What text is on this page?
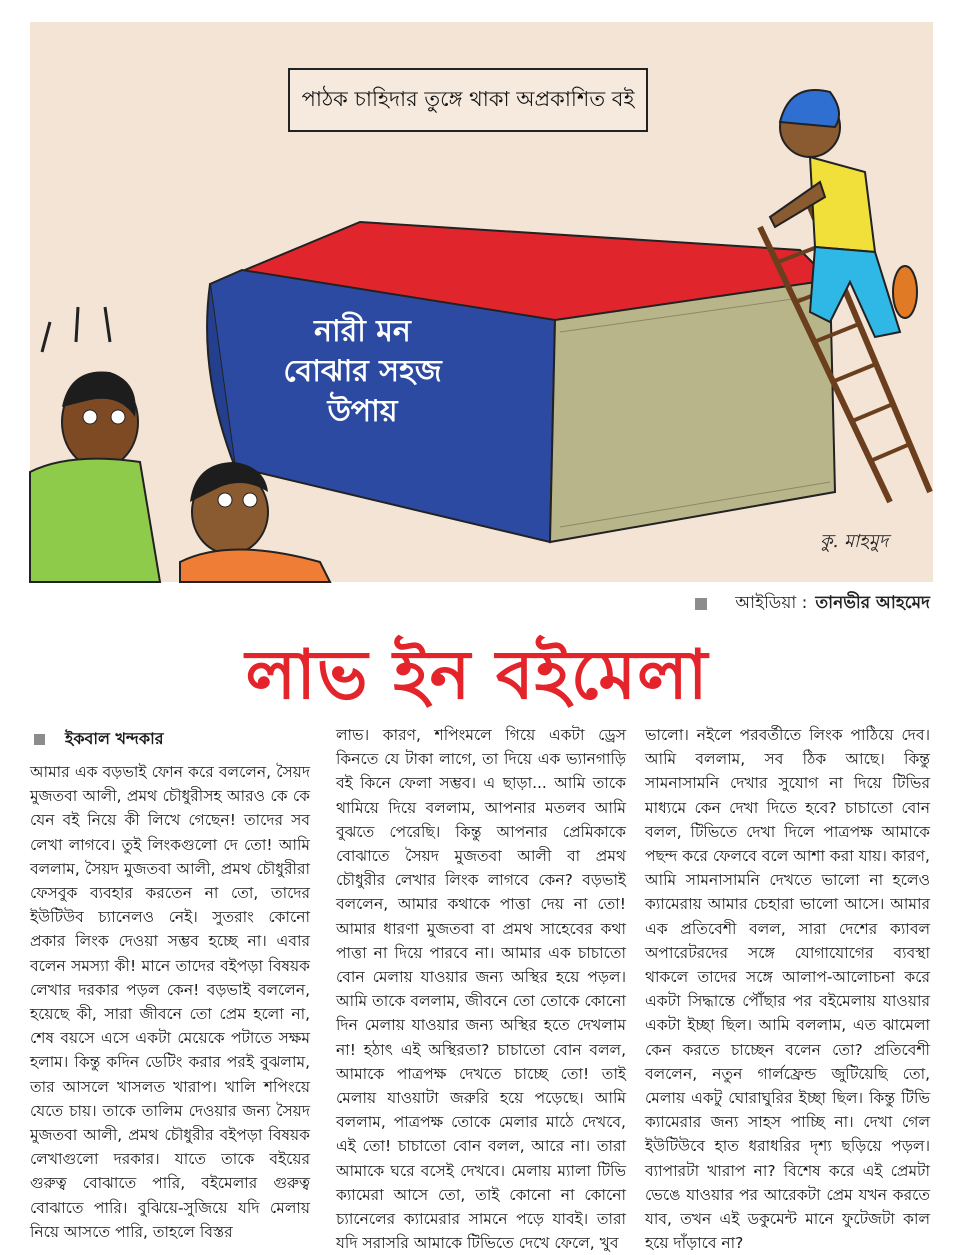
পাঠক চাহিদার তুঙ্গে থাকা অপ্রকাশিত বই
নারী মন
বোঝার সহজ
উপায়
কু. মাহমুদ
আইডিয়া : তানভীর আহমেদ
লাভ ইন বইমেলা
ইকবাল খন্দকার
আমার এক বড়ভাই ফোন করে বললেন, সৈয়দ মুজতবা আলী, প্রমথ চৌধুরীসহ আরও কে কে যেন বই নিয়ে কী লিখে গেছেন! তাদের সব লেখা লাগবে। তুই লিংকগুলো দে তো! আমি বললাম, সৈয়দ মুজতবা আলী, প্রমথ চৌধুরীরা ফেসবুক ব্যবহার করতেন না তো, তাদের ইউটিউব চ্যানেলও নেই। সুতরাং কোনো প্রকার লিংক দেওয়া সম্ভব হচ্ছে না। এবার বলেন সমস্যা কী! মানে তাদের বইপড়া বিষয়ক লেখার দরকার পড়ল কেন! বড়ভাই বললেন, হয়েছে কী, সারা জীবনে তো প্রেম হলো না, শেষ বয়সে এসে একটা মেয়েকে পটাতে সক্ষম হলাম। কিন্তু কদিন ডেটিং করার পরই বুঝলাম, তার আসলে খাসলত খারাপ। খালি শপিংয়ে যেতে চায়। তাকে তালিম দেওয়ার জন্য সৈয়দ মুজতবা আলী, প্রমথ চৌধুরীর বইপড়া বিষয়ক লেখাগুলো দরকার। যাতে তাকে বইয়ের গুরুত্ব বোঝাতে পারি, বইমেলার গুরুত্ব বোঝাতে পারি। বুঝিয়ে-সুজিয়ে যদি মেলায় নিয়ে আসতে পারি, তাহলে বিস্তর
লাভ। কারণ, শপিংমলে গিয়ে একটা ড্রেস কিনতে যে টাকা লাগে, তা দিয়ে এক ভ্যানগাড়ি বই কিনে ফেলা সম্ভব। এ ছাড়া... আমি তাকে থামিয়ে দিয়ে বললাম, আপনার মতলব আমি বুঝতে পেরেছি। কিন্তু আপনার প্রেমিকাকে বোঝাতে সৈয়দ মুজতবা আলী বা প্রমথ চৌধুরীর লেখার লিংক লাগবে কেন? বড়ভাই বললেন, আমার কথাকে পাত্তা দেয় না তো! আমার ধারণা মুজতবা বা প্রমথ সাহেবের কথা পাত্তা না দিয়ে পারবে না। আমার এক চাচাতো বোন মেলায় যাওয়ার জন্য অস্থির হয়ে পড়ল। আমি তাকে বললাম, জীবনে তো তোকে কোনো দিন মেলায় যাওয়ার জন্য অস্থির হতে দেখলাম না! হঠাৎ এই অস্থিরতা? চাচাতো বোন বলল, আমাকে পাত্রপক্ষ দেখতে চাচ্ছে তো! তাই মেলায় যাওয়াটা জরুরি হয়ে পড়েছে। আমি বললাম, পাত্রপক্ষ তোকে মেলার মাঠে দেখবে, এই তো! চাচাতো বোন বলল, আরে না। তারা আমাকে ঘরে বসেই দেখবে। মেলায় ম্যালা টিভি ক্যামেরা আসে তো, তাই কোনো না কোনো চ্যানেলের ক্যামেরার সামনে পড়ে যাবই। তারা যদি সরাসরি আমাকে টিভিতে দেখে ফেলে, খুব
ভালো। নইলে পরবর্তীতে লিংক পাঠিয়ে দেব। আমি বললাম, সব ঠিক আছে। কিন্তু সামনাসামনি দেখার সুযোগ না দিয়ে টিভির মাধ্যমে কেন দেখা দিতে হবে? চাচাতো বোন বলল, টিভিতে দেখা দিলে পাত্রপক্ষ আমাকে পছন্দ করে ফেলবে বলে আশা করা যায়। কারণ, আমি সামনাসামনি দেখতে ভালো না হলেও ক্যামেরায় আমার চেহারা ভালো আসে। আমার এক প্রতিবেশী বলল, সারা দেশের ক্যাবল অপারেটরদের সঙ্গে যোগাযোগের ব্যবস্থা থাকলে তাদের সঙ্গে আলাপ-আলোচনা করে একটা সিদ্ধান্তে পৌঁছার পর বইমেলায় যাওয়ার একটা ইচ্ছা ছিল। আমি বললাম, এত ঝামেলা কেন করতে চাচ্ছেন বলেন তো? প্রতিবেশী বললেন, নতুন গার্লফ্রেন্ড জুটিয়েছি তো, মেলায় একটু ঘোরাঘুরির ইচ্ছা ছিল। কিন্তু টিভি ক্যামেরার জন্য সাহস পাচ্ছি না। দেখা গেল ইউটিউবে হাত ধরাধরির দৃশ্য ছড়িয়ে পড়ল। ব্যাপারটা খারাপ না? বিশেষ করে এই প্রেমটা ভেঙে যাওয়ার পর আরেকটা প্রেম যখন করতে যাব, তখন এই ডকুমেন্ট মানে ফুটেজটা কাল হয়ে দাঁড়াবে না?
